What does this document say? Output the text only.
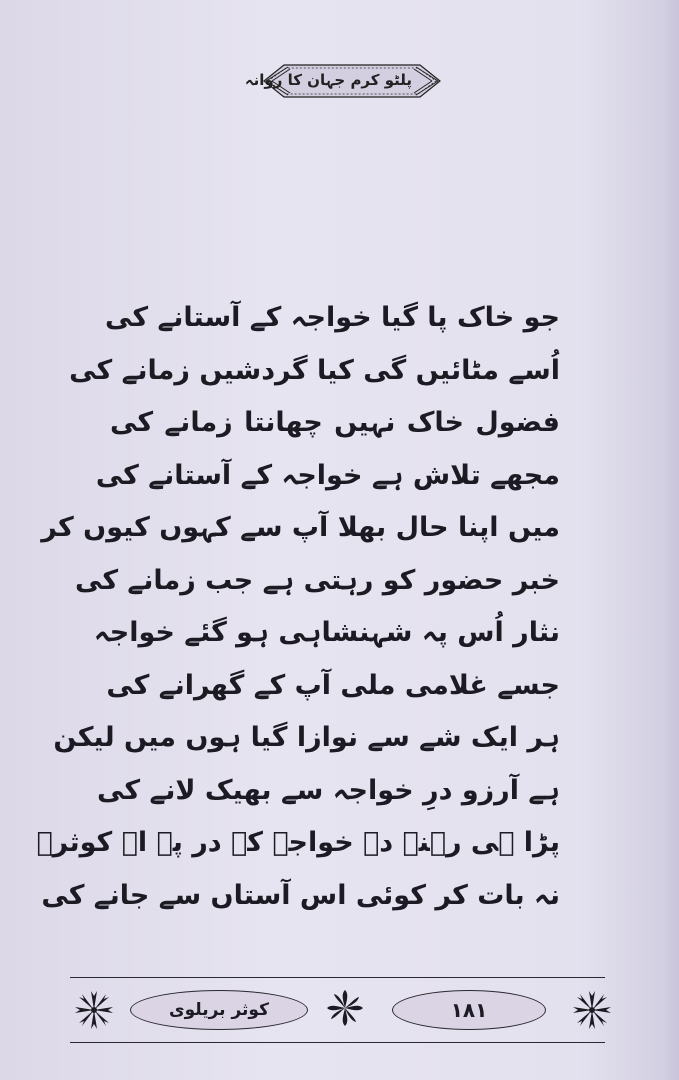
پلٹو کرم جہان کا روانہ
جو خاک پا گیا خواجہ کے آستانے کی
اُسے مٹائیں گی کیا گردشیں زمانے کی
فضول خاک نہیں چھانتا زمانے کی
مجھے تلاش ہے خواجہ کے آستانے کی
میں اپنا حال بھلا آپ سے کہوں کیوں کر
خبر حضور کو رہتی ہے جب زمانے کی
نثار اُس پہ شہنشاہی ہو گئے خواجہ
جسے غلامی ملی آپ کے گھرانے کی
ہر ایک شے سے نوازا گیا ہوں میں لیکن
ہے آرزو درِ خواجہ سے بھیک لانے کی
پڑا ہی رہنے دے خواجہ کے در پہ اے کوثرؔ
نہ بات کر کوئی اس آستاں سے جانے کی
کوثر بریلوی	۱۸۱
